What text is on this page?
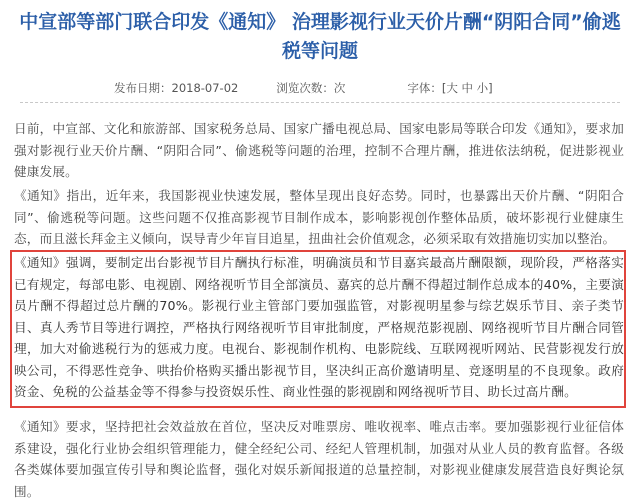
中宣部等部门联合印发《通知》 治理影视行业天价片酬“阴阳合同”偷逃税等问题
发布日期：2018-07-02	浏览次数：次	字体：[大 中 小]
日前，中宣部、文化和旅游部、国家税务总局、国家广播电视总局、国家电影局等联合印发《通知》，要求加强对影视行业天价片酬、“阴阳合同”、偷逃税等问题的治理，控制不合理片酬，推进依法纳税，促进影视业健康发展。
《通知》指出，近年来，我国影视业快速发展，整体呈现出良好态势。同时，也暴露出天价片酬、“阴阳合同”、偷逃税等问题。这些问题不仅推高影视节目制作成本，影响影视创作整体品质，破坏影视行业健康生态，而且滋长拜金主义倾向，误导青少年盲目追星，扭曲社会价值观念，必须采取有效措施切实加以整治。
《通知》强调，要制定出台影视节目片酬执行标准，明确演员和节目嘉宾最高片酬限额，现阶段，严格落实已有规定，每部电影、电视剧、网络视听节目全部演员、嘉宾的总片酬不得超过制作总成本的40%，主要演员片酬不得超过总片酬的70%。影视行业主管部门要加强监管，对影视明星参与综艺娱乐节目、亲子类节目、真人秀节目等进行调控，严格执行网络视听节目审批制度，严格规范影视剧、网络视听节目片酬合同管理，加大对偷逃税行为的惩戒力度。电视台、影视制作机构、电影院线、互联网视听网站、民营影视发行放映公司，不得恶性竞争、哄抬价格购买播出影视节目，坚决纠正高价邀请明星、竞逐明星的不良现象。政府资金、免税的公益基金等不得参与投资娱乐性、商业性强的影视剧和网络视听节目、助长过高片酬。
《通知》要求，坚持把社会效益放在首位，坚决反对唯票房、唯收视率、唯点击率。要加强影视行业征信体系建设，强化行业协会组织管理能力，健全经纪公司、经纪人管理机制，加强对从业人员的教育监督。各级各类媒体要加强宣传引导和舆论监督，强化对娱乐新闻报道的总量控制，对影视业健康发展营造良好舆论氛围。
